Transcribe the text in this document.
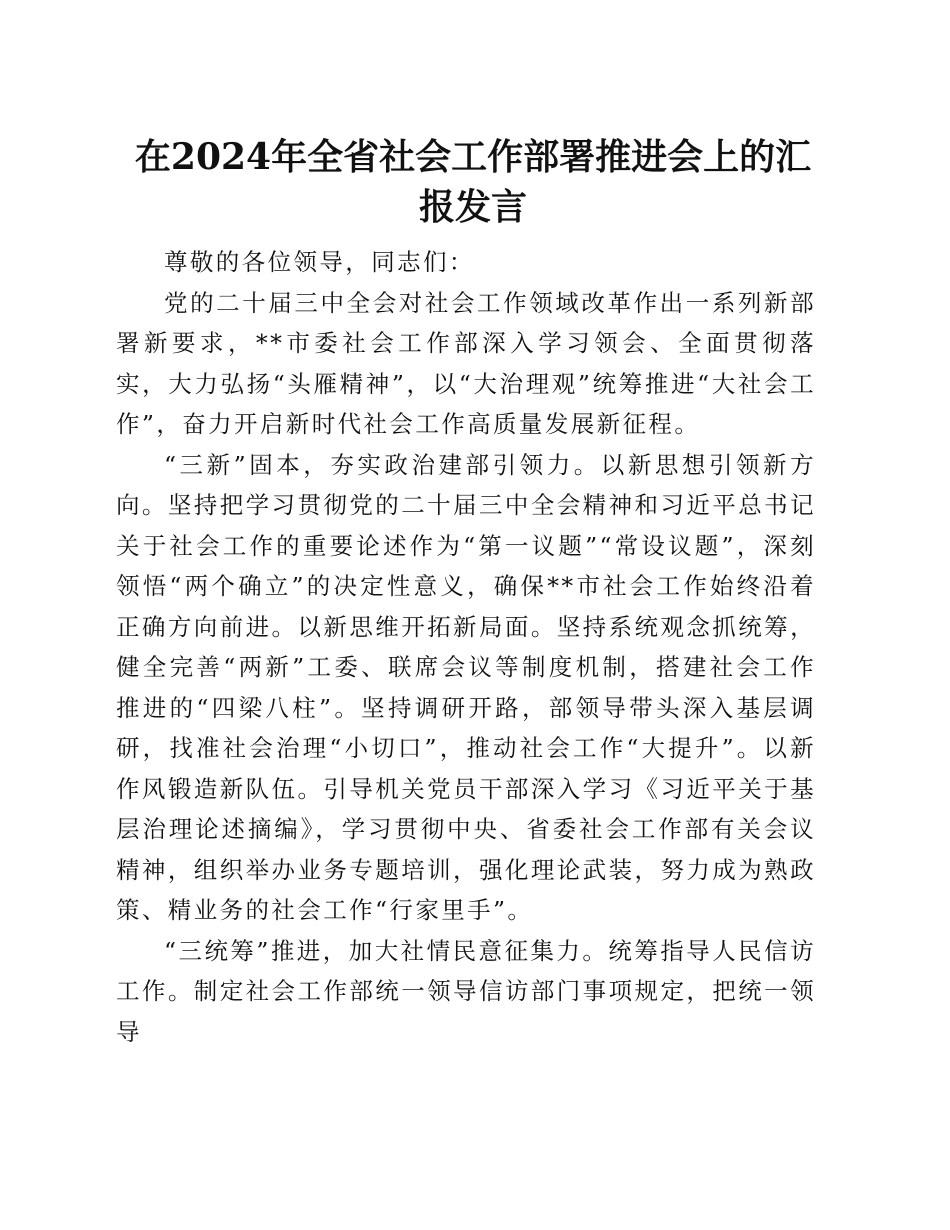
在2024年全省社会工作部署推进会上的汇报发言

尊敬的各位领导，同志们：

党的二十届三中全会对社会工作领域改革作出一系列新部署新要求，**市委社会工作部深入学习领会、全面贯彻落实，大力弘扬“头雁精神”，以“大治理观”统筹推进“大社会工作”，奋力开启新时代社会工作高质量发展新征程。

“三新”固本，夯实政治建部引领力。以新思想引领新方向。坚持把学习贯彻党的二十届三中全会精神和习近平总书记关于社会工作的重要论述作为“第一议题”“常设议题”，深刻领悟“两个确立”的决定性意义，确保**市社会工作始终沿着正确方向前进。以新思维开拓新局面。坚持系统观念抓统筹，健全完善“两新”工委、联席会议等制度机制，搭建社会工作推进的“四梁八柱”。坚持调研开路，部领导带头深入基层调研，找准社会治理“小切口”，推动社会工作“大提升”。以新作风锻造新队伍。引导机关党员干部深入学习《习近平关于基层治理论述摘编》，学习贯彻中央、省委社会工作部有关会议精神，组织举办业务专题培训，强化理论武装，努力成为熟政策、精业务的社会工作“行家里手”。

“三统筹”推进，加大社情民意征集力。统筹指导人民信访工作。制定社会工作部统一领导信访部门事项规定，把统一领导
